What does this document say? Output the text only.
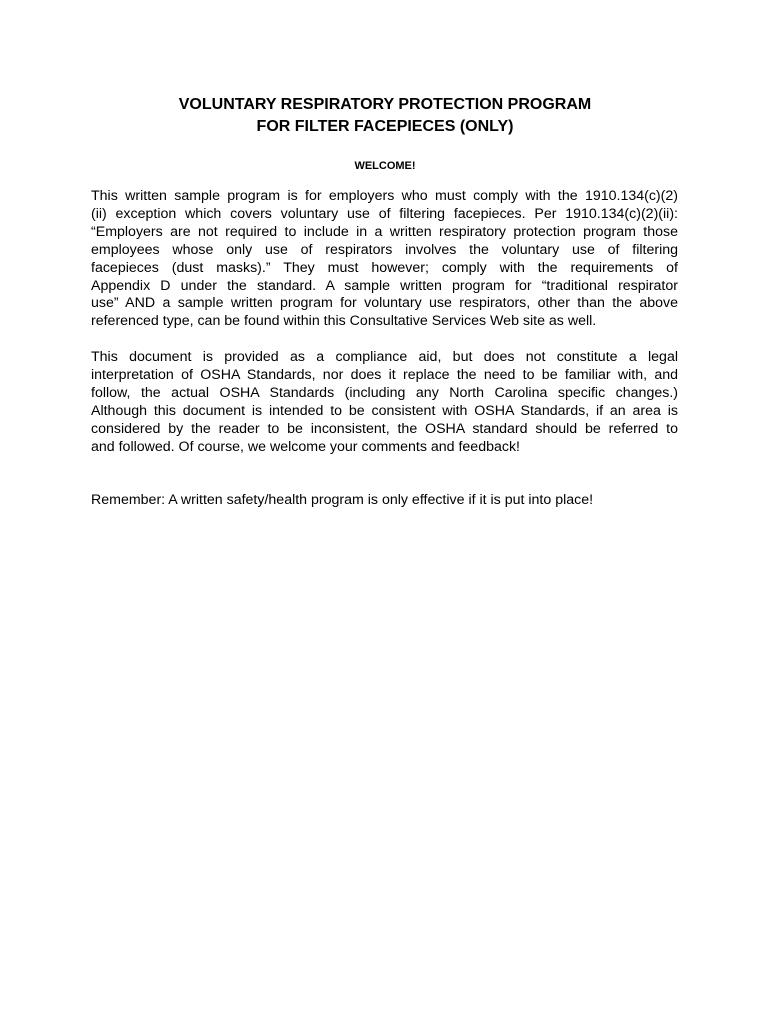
VOLUNTARY RESPIRATORY PROTECTION PROGRAM
FOR FILTER FACEPIECES (ONLY)

WELCOME!

This written sample program is for employers who must comply with the 1910.134(c)(2)
(ii) exception which covers voluntary use of filtering facepieces. Per 1910.134(c)(2)(ii):
“Employers are not required to include in a written respiratory protection program those
employees whose only use of respirators involves the voluntary use of filtering
facepieces (dust masks).” They must however; comply with the requirements of
Appendix D under the standard. A sample written program for “traditional respirator
use” AND a sample written program for voluntary use respirators, other than the above
referenced type, can be found within this Consultative Services Web site as well.
This document is provided as a compliance aid, but does not constitute a legal
interpretation of OSHA Standards, nor does it replace the need to be familiar with, and
follow, the actual OSHA Standards (including any North Carolina specific changes.)
Although this document is intended to be consistent with OSHA Standards, if an area is
considered by the reader to be inconsistent, the OSHA standard should be referred to
and followed. Of course, we welcome your comments and feedback!

Remember: A written safety/health program is only effective if it is put into place!
